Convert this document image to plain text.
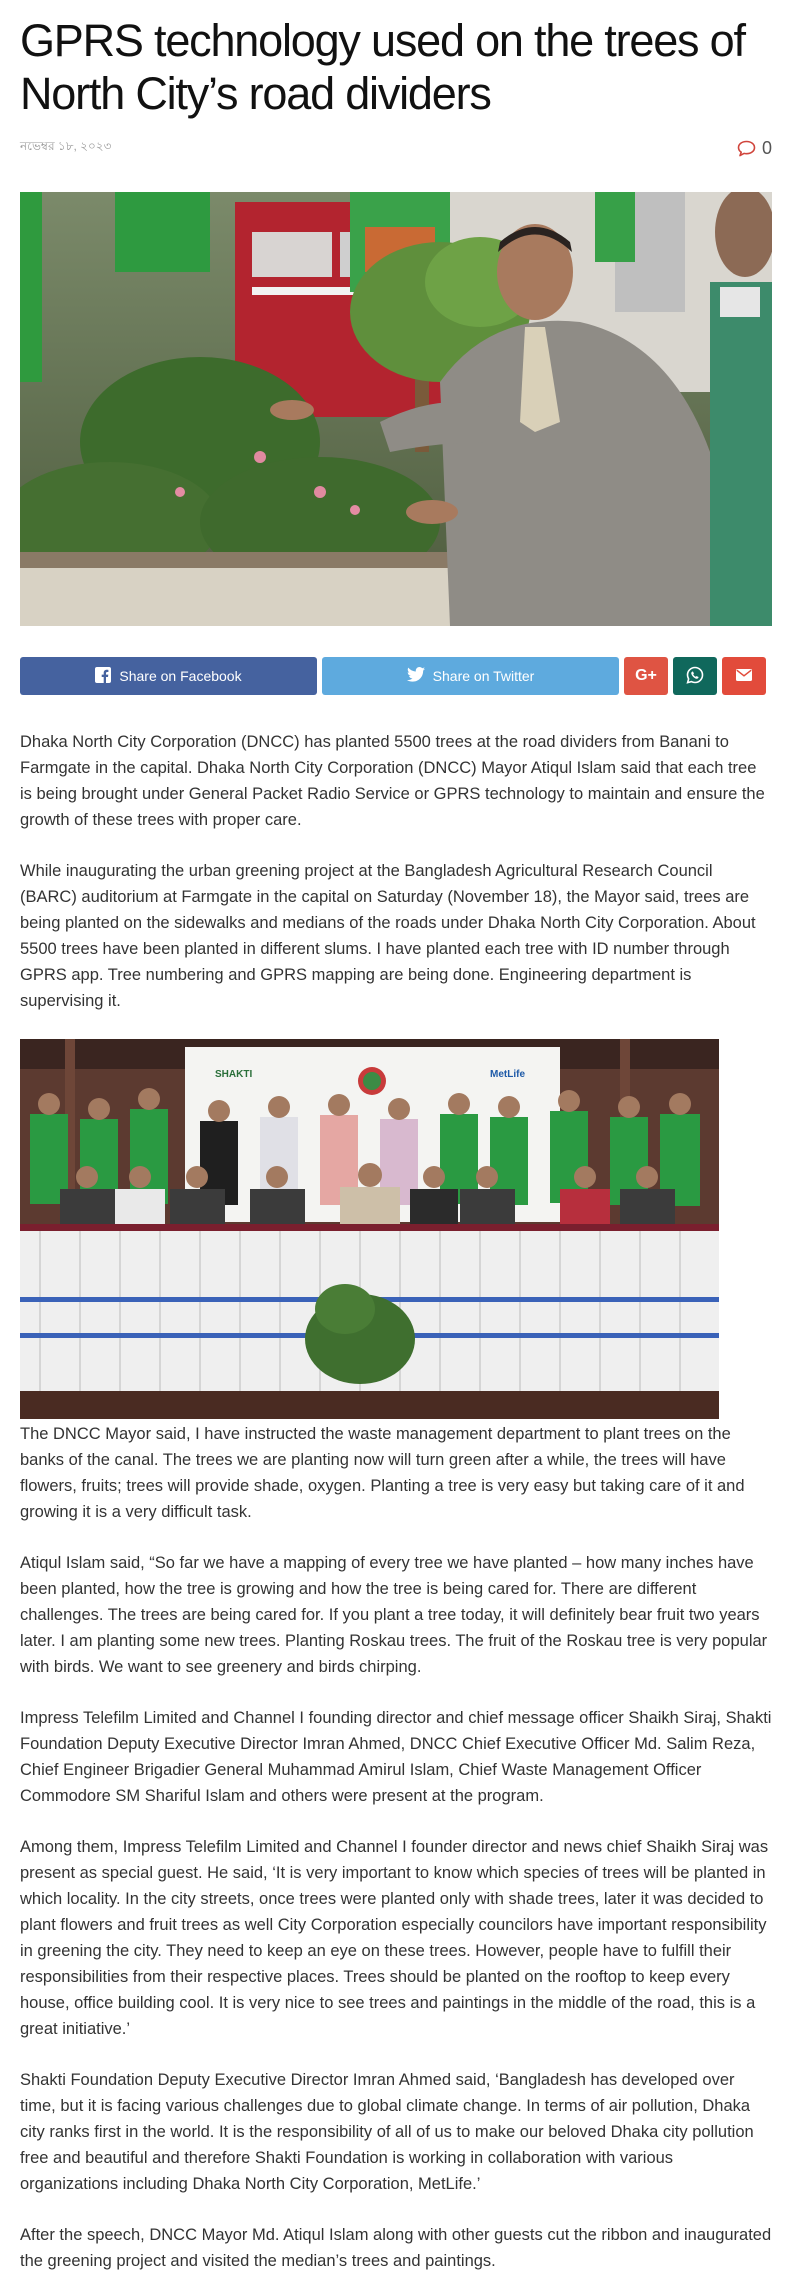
GPRS technology used on the trees of North City’s road dividers
নভেম্বর ১৮, ২০২৩	0
Share on Facebook	Share on Twitter	G+

Dhaka North City Corporation (DNCC) has planted 5500 trees at the road dividers from Banani to Farmgate in the capital. Dhaka North City Corporation (DNCC) Mayor Atiqul Islam said that each tree is being brought under General Packet Radio Service or GPRS technology to maintain and ensure the growth of these trees with proper care.

While inaugurating the urban greening project at the Bangladesh Agricultural Research Council (BARC) auditorium at Farmgate in the capital on Saturday (November 18), the Mayor said, trees are being planted on the sidewalks and medians of the roads under Dhaka North City Corporation. About 5500 trees have been planted in different slums. I have planted each tree with ID number through GPRS app. Tree numbering and GPRS mapping are being done. Engineering department is supervising it.

SHAKTI	MetLife

The DNCC Mayor said, I have instructed the waste management department to plant trees on the banks of the canal. The trees we are planting now will turn green after a while, the trees will have flowers, fruits; trees will provide shade, oxygen. Planting a tree is very easy but taking care of it and growing it is a very difficult task.

Atiqul Islam said, “So far we have a mapping of every tree we have planted – how many inches have been planted, how the tree is growing and how the tree is being cared for. There are different challenges. The trees are being cared for. If you plant a tree today, it will definitely bear fruit two years later. I am planting some new trees. Planting Roskau trees. The fruit of the Roskau tree is very popular with birds. We want to see greenery and birds chirping.

Impress Telefilm Limited and Channel I founding director and chief message officer Shaikh Siraj, Shakti Foundation Deputy Executive Director Imran Ahmed, DNCC Chief Executive Officer Md. Salim Reza, Chief Engineer Brigadier General Muhammad Amirul Islam, Chief Waste Management Officer Commodore SM Shariful Islam and others were present at the program.

Among them, Impress Telefilm Limited and Channel I founder director and news chief Shaikh Siraj was present as special guest. He said, ‘It is very important to know which species of trees will be planted in which locality. In the city streets, once trees were planted only with shade trees, later it was decided to plant flowers and fruit trees as well City Corporation especially councilors have important responsibility in greening the city. They need to keep an eye on these trees. However, people have to fulfill their responsibilities from their respective places. Trees should be planted on the rooftop to keep every house, office building cool. It is very nice to see trees and paintings in the middle of the road, this is a great initiative.’

Shakti Foundation Deputy Executive Director Imran Ahmed said, ‘Bangladesh has developed over time, but it is facing various challenges due to global climate change. In terms of air pollution, Dhaka city ranks first in the world. It is the responsibility of all of us to make our beloved Dhaka city pollution free and beautiful and therefore Shakti Foundation is working in collaboration with various organizations including Dhaka North City Corporation, MetLife.’

After the speech, DNCC Mayor Md. Atiqul Islam along with other guests cut the ribbon and inaugurated the greening project and visited the median’s trees and paintings.
